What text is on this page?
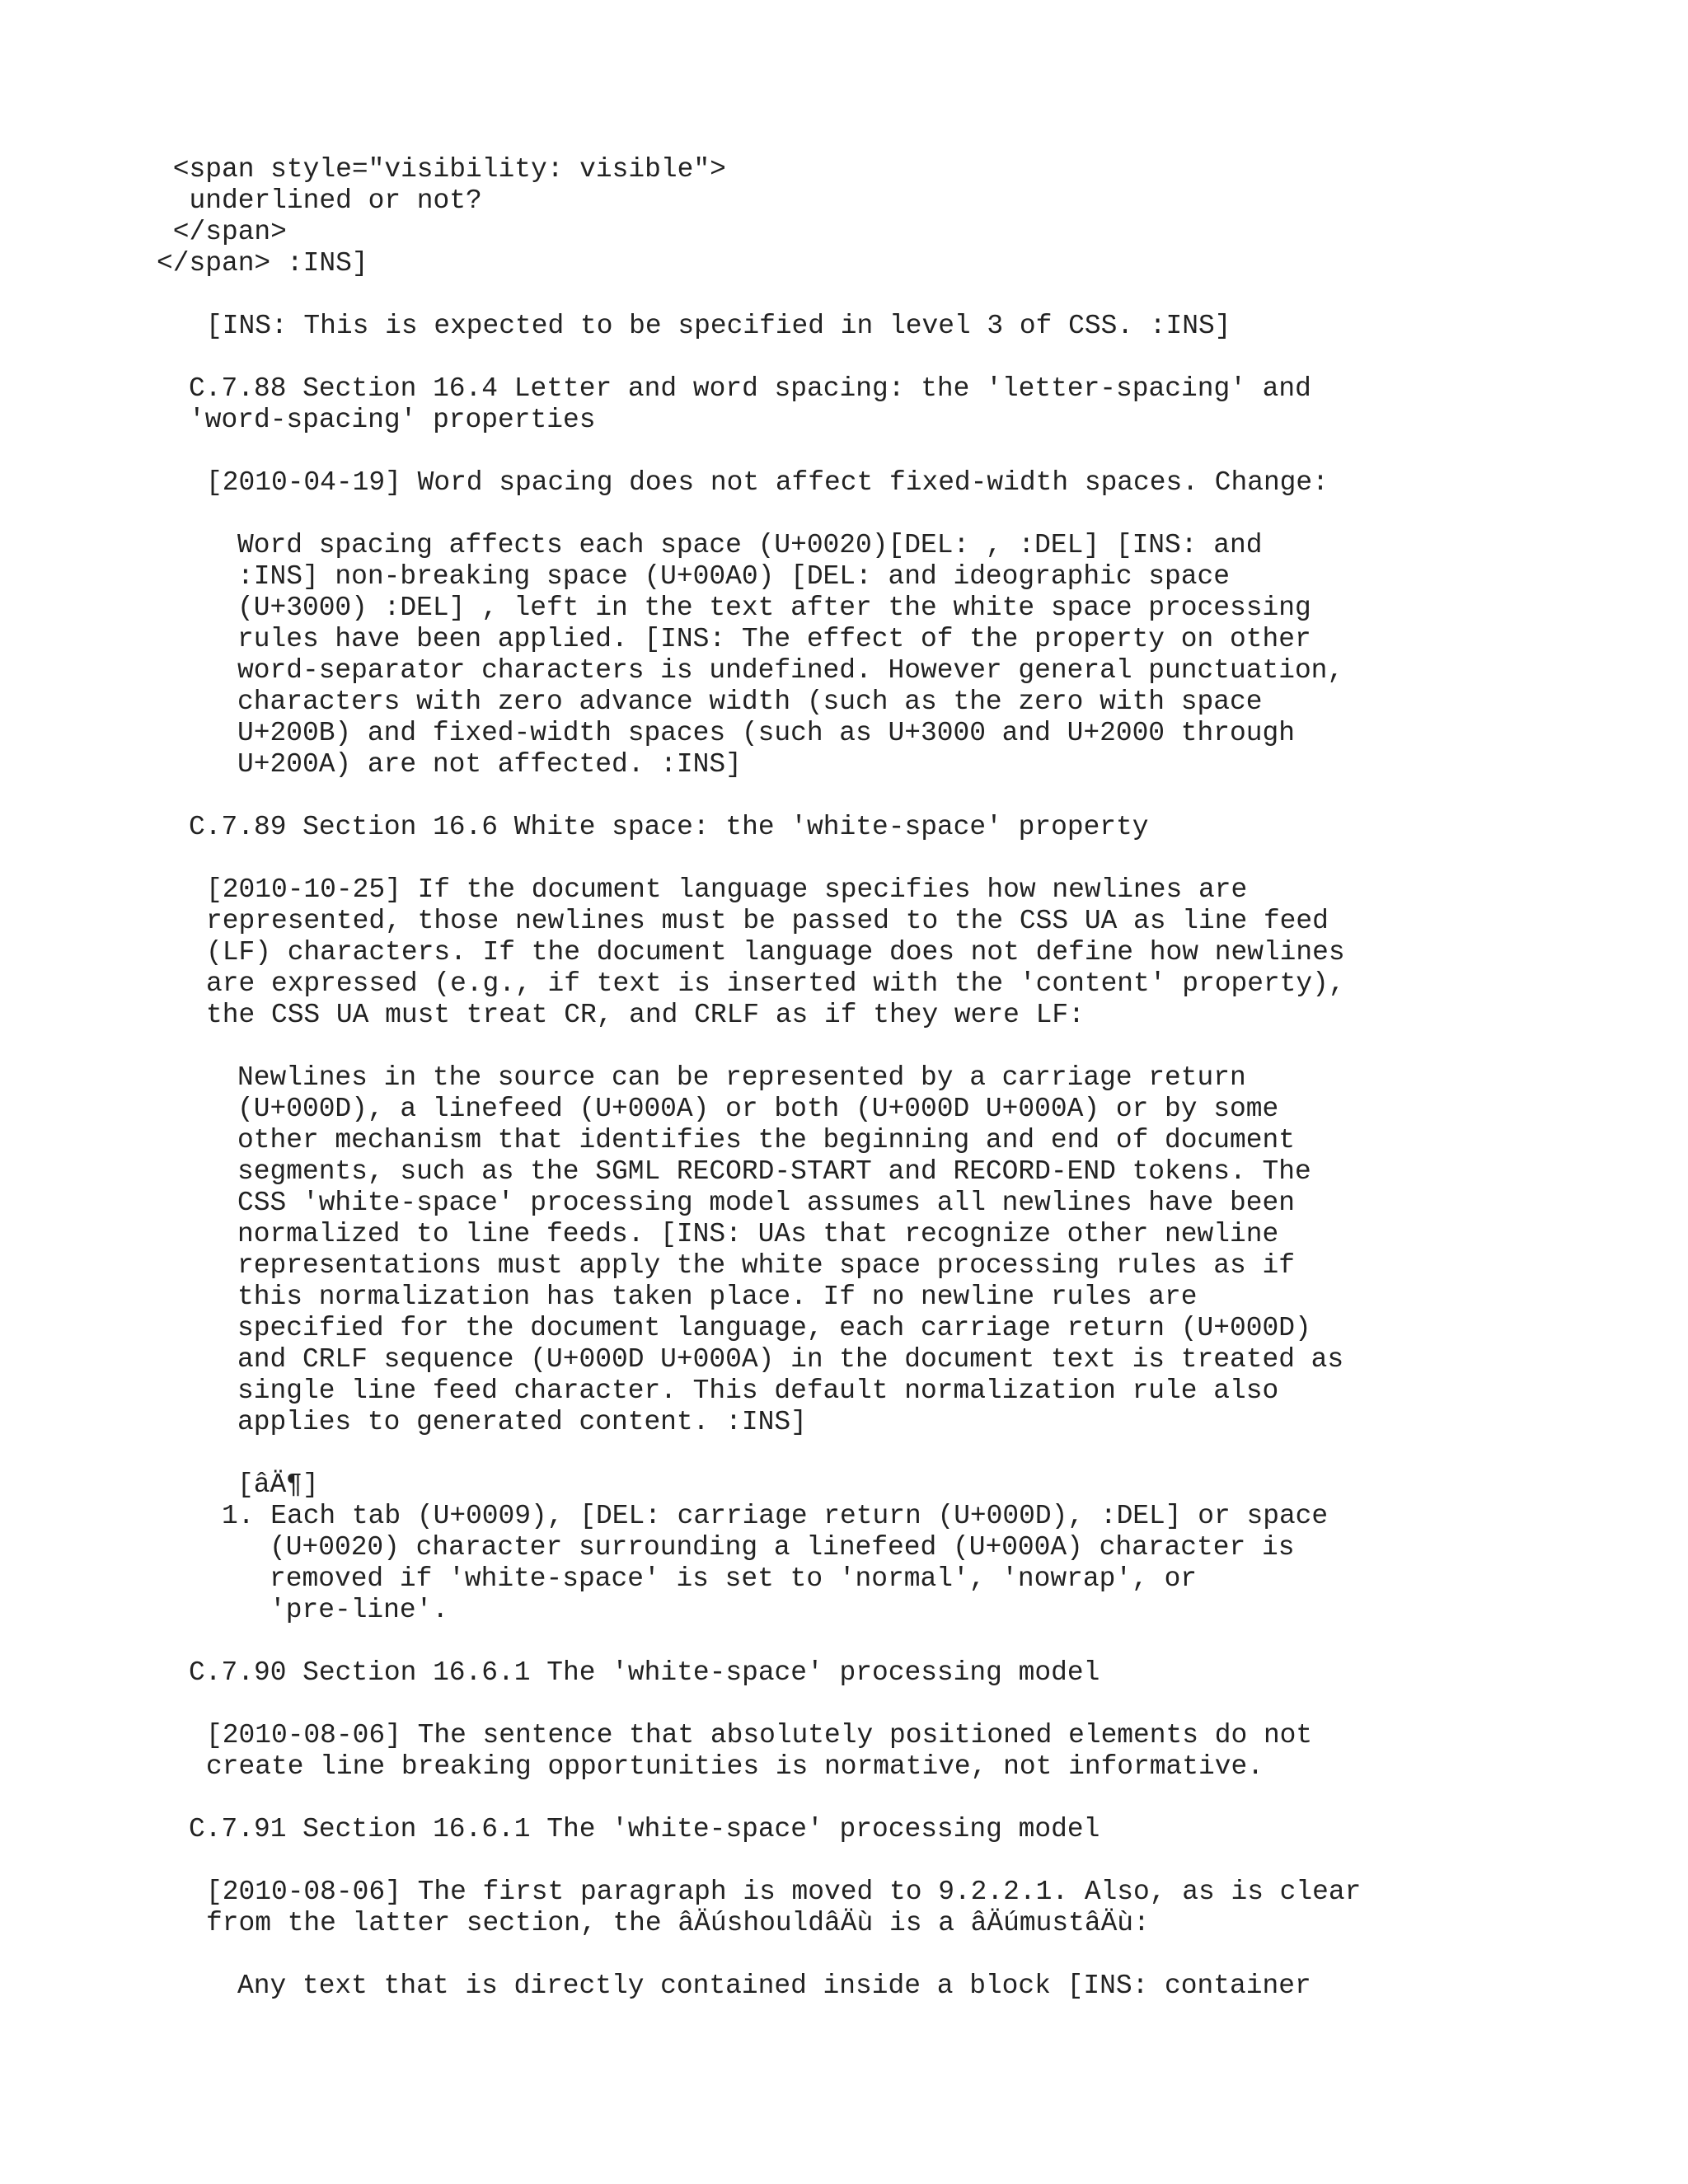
<span style="visibility: visible">

underlined or not?

</span>

</span> :INS]

[INS: This is expected to be specified in level 3 of CSS. :INS]

C.7.88 Section 16.4 Letter and word spacing: the 'letter-spacing' and

'word-spacing' properties

[2010-04-19] Word spacing does not affect fixed-width spaces. Change:

Word spacing affects each space (U+0020)[DEL: , :DEL] [INS: and

:INS] non-breaking space (U+00A0) [DEL: and ideographic space

(U+3000) :DEL] , left in the text after the white space processing

rules have been applied. [INS: The effect of the property on other

word-separator characters is undefined. However general punctuation,

characters with zero advance width (such as the zero with space

U+200B) and fixed-width spaces (such as U+3000 and U+2000 through

U+200A) are not affected. :INS]

C.7.89 Section 16.6 White space: the 'white-space' property

[2010-10-25] If the document language specifies how newlines are

represented, those newlines must be passed to the CSS UA as line feed

(LF) characters. If the document language does not define how newlines

are expressed (e.g., if text is inserted with the 'content' property),

the CSS UA must treat CR, and CRLF as if they were LF:

Newlines in the source can be represented by a carriage return

(U+000D), a linefeed (U+000A) or both (U+000D U+000A) or by some

other mechanism that identifies the beginning and end of document

segments, such as the SGML RECORD-START and RECORD-END tokens. The

CSS 'white-space' processing model assumes all newlines have been

normalized to line feeds. [INS: UAs that recognize other newline

representations must apply the white space processing rules as if

this normalization has taken place. If no newline rules are

specified for the document language, each carriage return (U+000D)

and CRLF sequence (U+000D U+000A) in the document text is treated as

single line feed character. This default normalization rule also

applies to generated content. :INS]

[âÄ¶]

1. Each tab (U+0009), [DEL: carriage return (U+000D), :DEL] or space

(U+0020) character surrounding a linefeed (U+000A) character is

removed if 'white-space' is set to 'normal', 'nowrap', or

'pre-line'.

C.7.90 Section 16.6.1 The 'white-space' processing model

[2010-08-06] The sentence that absolutely positioned elements do not

create line breaking opportunities is normative, not informative.

C.7.91 Section 16.6.1 The 'white-space' processing model

[2010-08-06] The first paragraph is moved to 9.2.2.1. Also, as is clear

from the latter section, the âÄúshouldâÄù is a âÄúmustâÄù:

Any text that is directly contained inside a block [INS: container
